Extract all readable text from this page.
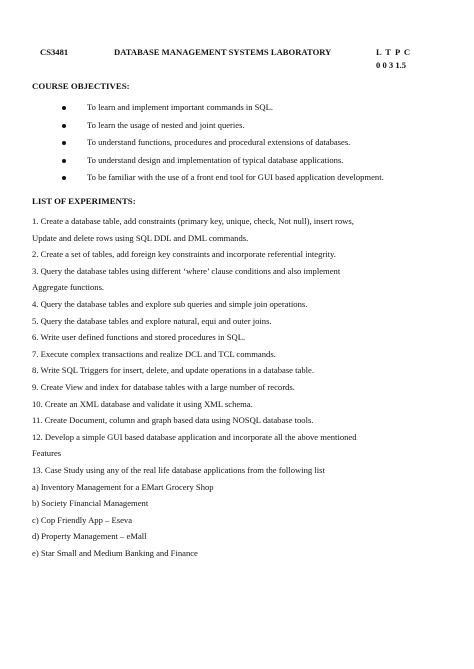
CS3481	DATABASE MANAGEMENT SYSTEMS LABORATORY	L T P C
0 0 3 1.5
COURSE OBJECTIVES:
To learn and implement important commands in SQL.
To learn the usage of nested and joint queries.
To understand functions, procedures and procedural extensions of databases.
To understand design and implementation of typical database applications.
To be familiar with the use of a front end tool for GUI based application development.
LIST OF EXPERIMENTS:
1. Create a database table, add constraints (primary key, unique, check, Not null), insert rows,
Update and delete rows using SQL DDL and DML commands.
2. Create a set of tables, add foreign key constraints and incorporate referential integrity.
3. Query the database tables using different ‘where’ clause conditions and also implement
Aggregate functions.
4. Query the database tables and explore sub queries and simple join operations.
5. Query the database tables and explore natural, equi and outer joins.
6. Write user defined functions and stored procedures in SQL.
7. Execute complex transactions and realize DCL and TCL commands.
8. Write SQL Triggers for insert, delete, and update operations in a database table.
9. Create View and index for database tables with a large number of records.
10. Create an XML database and validate it using XML schema.
11. Create Document, column and graph based data using NOSQL database tools.
12. Develop a simple GUI based database application and incorporate all the above mentioned
Features
13. Case Study using any of the real life database applications from the following list
a) Inventory Management for a EMart Grocery Shop
b) Society Financial Management
c) Cop Friendly App – Eseva
d) Property Management – eMall
e) Star Small and Medium Banking and Finance
